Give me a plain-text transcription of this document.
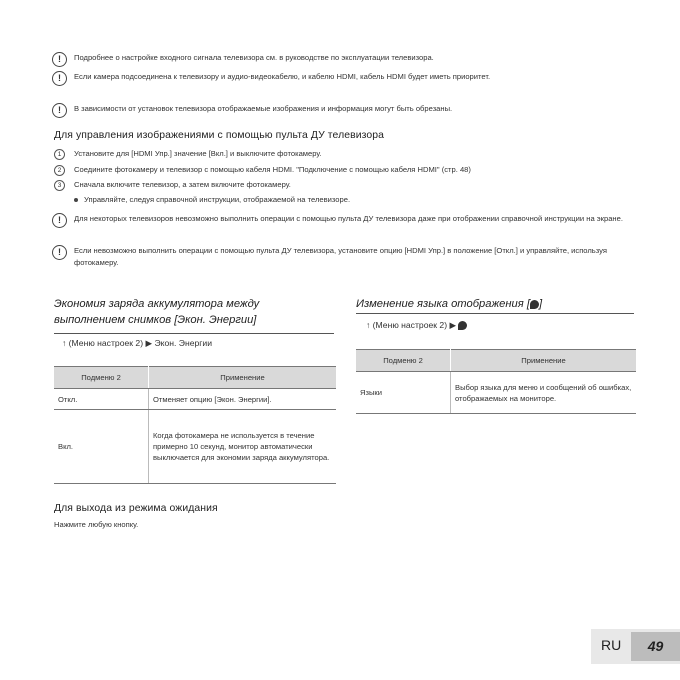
!	Подробнее о настройке входного сигнала телевизора см. в руководстве по эксплуатации телевизора.
!	Если камера подсоединена к телевизору и аудио-видеокабелю, и кабелю HDMI, кабель HDMI будет иметь приоритет.
!	В зависимости от установок телевизора отображаемые изображения и информация могут быть обрезаны.
Для управления изображениями с помощью пульта ДУ телевизора
1	Установите для [HDMI Упр.] значение [Вкл.] и выключите фотокамеру.
2	Соедините фотокамеру и телевизор с помощью кабеля HDMI. "Подключение с помощью кабеля HDMI" (стр. 48)
3	Сначала включите телевизор, а затем включите фотокамеру.
Управляйте, следуя справочной инструкции, отображаемой на телевизоре.
!	Для некоторых телевизоров невозможно выполнить операции с помощью пульта ДУ телевизора даже при отображении справочной инструкции на экране.
!	Если невозможно выполнить операции с помощью пульта ДУ телевизора, установите опцию [HDMI Упр.] в положение [Откл.] и управляйте, используя фотокамеру.
Экономия заряда аккумулятора между
выполнением снимков [Экон. Энергии]
↑ (Меню настроек 2) ▶ Экон. Энергии
Подменю 2	Применение
Откл.	Отменяет опцию [Экон. Энергии].
Вкл.	Когда фотокамера не используется в течение примерно 10 секунд, монитор автоматически выключается для экономии заряда аккумулятора.
Изменение языка отображения [ ]
↑ (Меню настроек 2) ▶
Подменю 2	Применение
Языки	Выбор языка для меню и сообщений об ошибках, отображаемых на мониторе.
Для выхода из режима ожидания
Нажмите любую кнопку.
RU	49
